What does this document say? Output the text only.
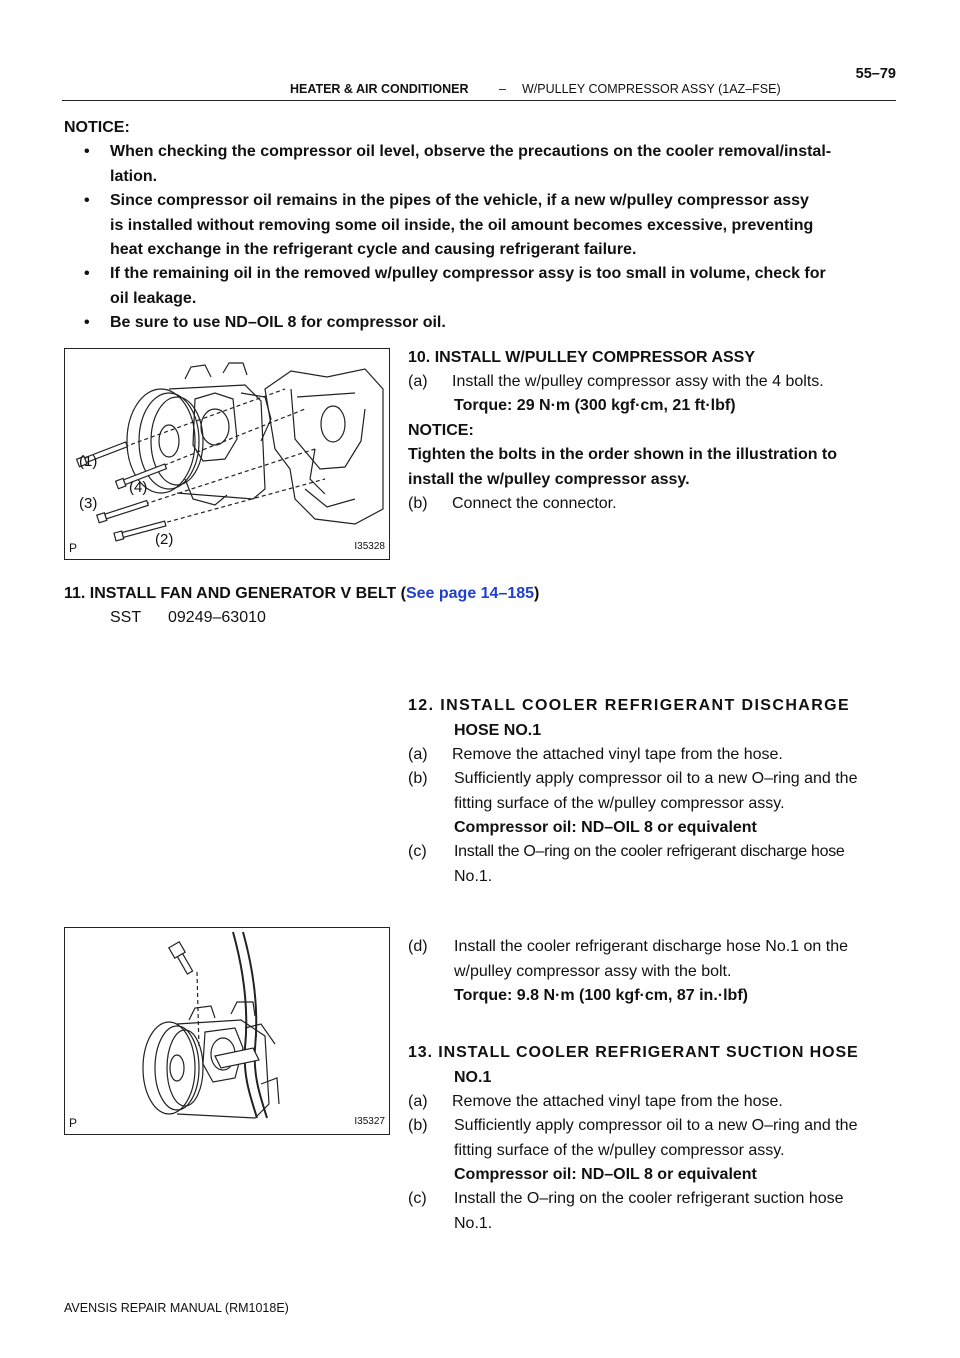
HEATER & AIR CONDITIONER – W/PULLEY COMPRESSOR ASSY (1AZ–FSE)
55–79
NOTICE:
• When checking the compressor oil level, observe the precautions on the cooler removal/instal-
lation.
• Since compressor oil remains in the pipes of the vehicle, if a new w/pulley compressor assy
is installed without removing some oil inside, the oil amount becomes excessive, preventing
heat exchange in the refrigerant cycle and causing refrigerant failure.
• If the remaining oil in the removed w/pulley compressor assy is too small in volume, check for
oil leakage.
• Be sure to use ND–OIL 8 for compressor oil.
(1)
(2)
(3)
(4)
P	I35328
10. INSTALL W/PULLEY COMPRESSOR ASSY
(a) Install the w/pulley compressor assy with the 4 bolts.
Torque: 29 N·m (300 kgf·cm, 21 ft·lbf)
NOTICE:
Tighten the bolts in the order shown in the illustration to
install the w/pulley compressor assy.
(b) Connect the connector.
11. INSTALL FAN AND GENERATOR V BELT (See page 14–185)
SST 09249–63010
12. INSTALL COOLER REFRIGERANT DISCHARGE
HOSE NO.1
(a) Remove the attached vinyl tape from the hose.
(b)	Sufficiently apply compressor oil to a new O–ring and the
fitting surface of the w/pulley compressor assy.
Compressor oil: ND–OIL 8 or equivalent
(c)	Install the O–ring on the cooler refrigerant discharge hose
No.1.
(d)	Install the cooler refrigerant discharge hose No.1 on the
w/pulley compressor assy with the bolt.
Torque: 9.8 N·m (100 kgf·cm, 87 in.·lbf)
P	I35327
13. INSTALL COOLER REFRIGERANT SUCTION HOSE
NO.1
(a) Remove the attached vinyl tape from the hose.
(b)	Sufficiently apply compressor oil to a new O–ring and the
fitting surface of the w/pulley compressor assy.
Compressor oil: ND–OIL 8 or equivalent
(c)	Install the O–ring on the cooler refrigerant suction hose
No.1.
AVENSIS REPAIR MANUAL (RM1018E)
